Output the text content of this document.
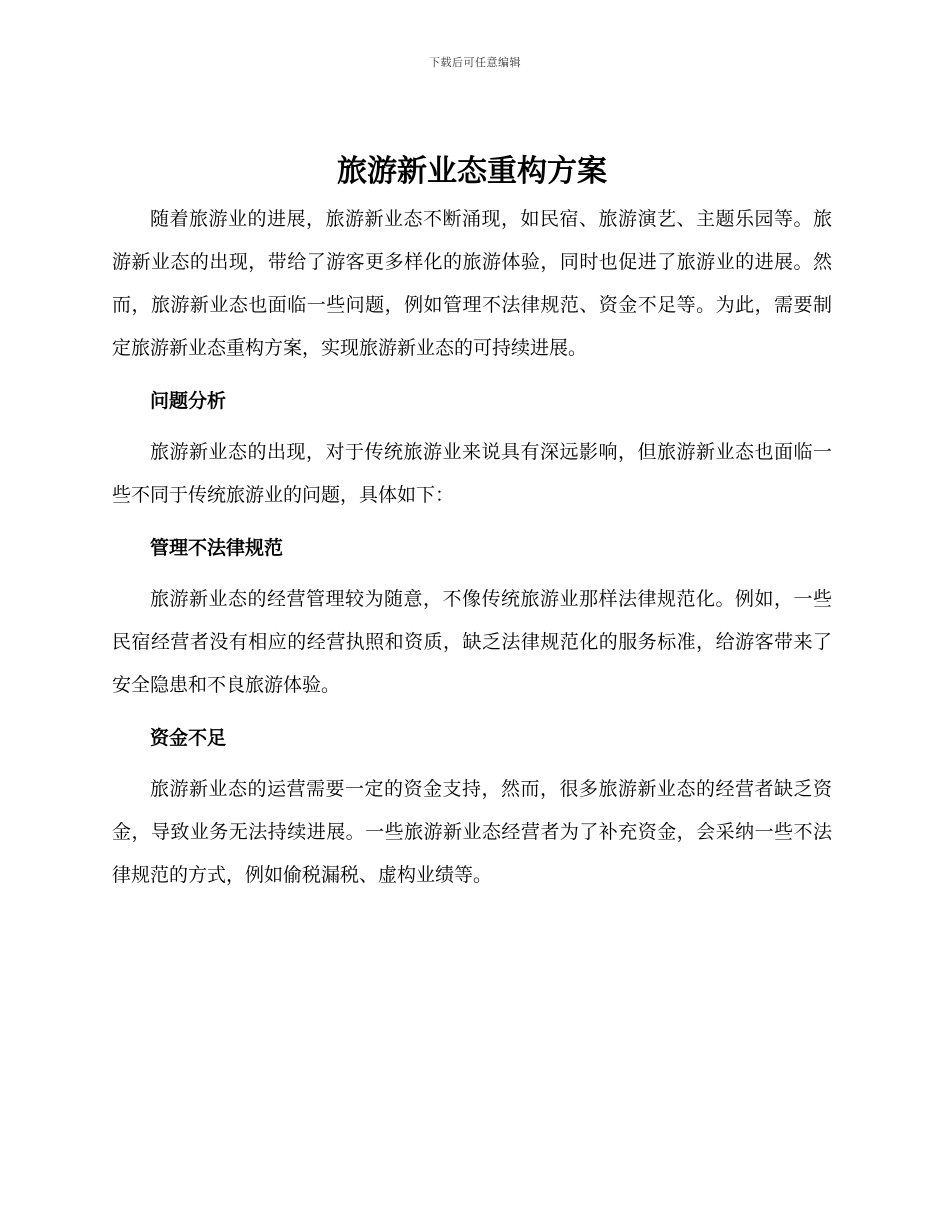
下载后可任意编辑
旅游新业态重构方案

随着旅游业的进展，旅游新业态不断涌现，如民宿、旅游演艺、主题乐园等。旅游新业态的出现，带给了游客更多样化的旅游体验，同时也促进了旅游业的进展。然而，旅游新业态也面临一些问题，例如管理不法律规范、资金不足等。为此，需要制定旅游新业态重构方案，实现旅游新业态的可持续进展。

问题分析

旅游新业态的出现，对于传统旅游业来说具有深远影响，但旅游新业态也面临一些不同于传统旅游业的问题，具体如下：

管理不法律规范

旅游新业态的经营管理较为随意，不像传统旅游业那样法律规范化。例如，一些民宿经营者没有相应的经营执照和资质，缺乏法律规范化的服务标准，给游客带来了安全隐患和不良旅游体验。

资金不足

旅游新业态的运营需要一定的资金支持，然而，很多旅游新业态的经营者缺乏资金，导致业务无法持续进展。一些旅游新业态经营者为了补充资金，会采纳一些不法律规范的方式，例如偷税漏税、虚构业绩等。
